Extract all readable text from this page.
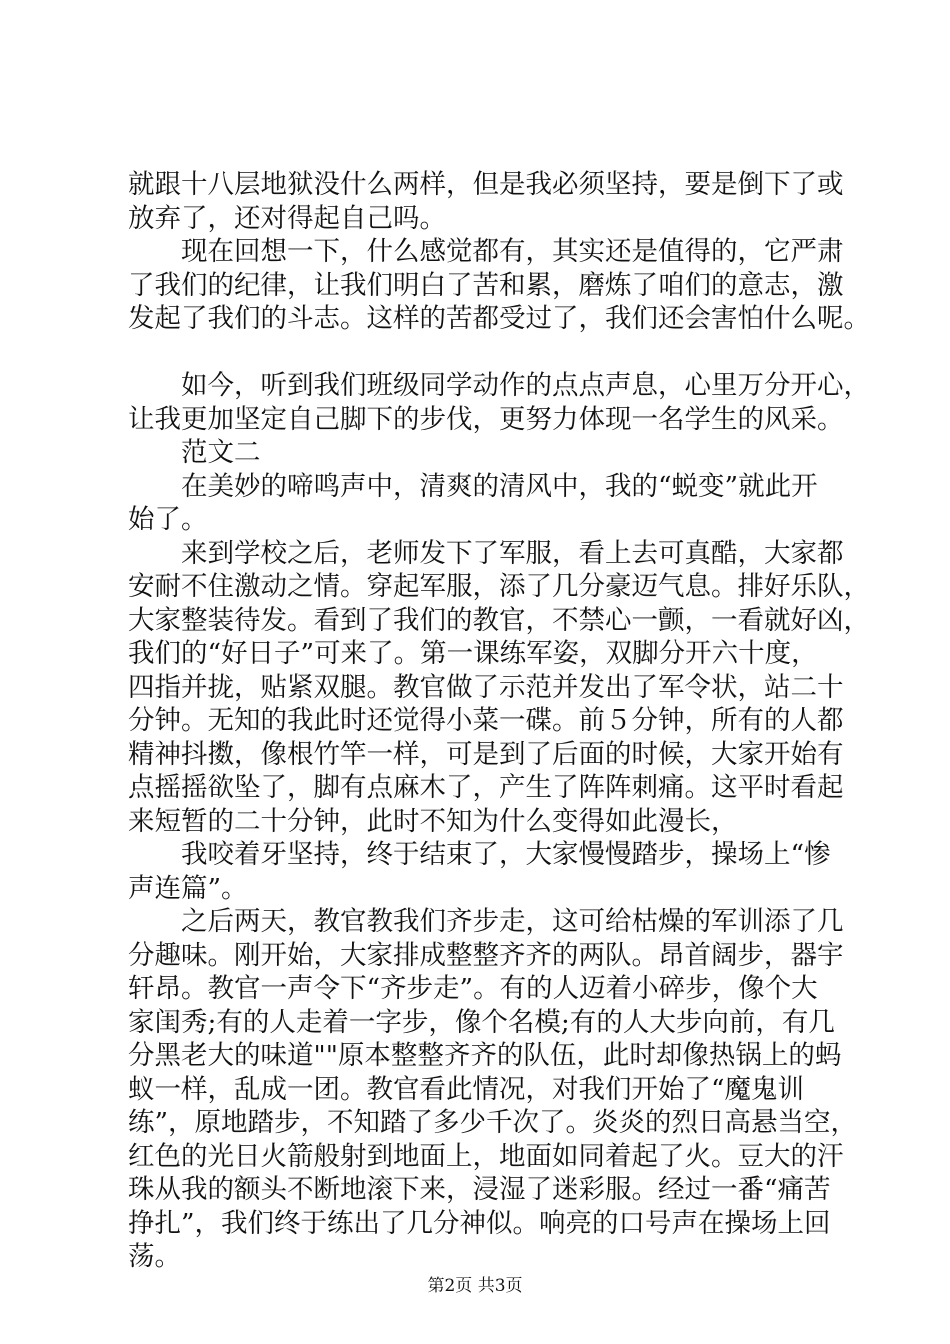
就跟十八层地狱没什么两样，但是我必须坚持，要是倒下了或
放弃了，还对得起自己吗。
现在回想一下，什么感觉都有，其实还是值得的，它严肃
了我们的纪律，让我们明白了苦和累，磨炼了咱们的意志，激
发起了我们的斗志。这样的苦都受过了，我们还会害怕什么呢。
如今，听到我们班级同学动作的点点声息，心里万分开心，
让我更加坚定自己脚下的步伐，更努力体现一名学生的风采。
范文二
在美妙的啼鸣声中，清爽的清风中，我的“蜕变”就此开
始了。
来到学校之后，老师发下了军服，看上去可真酷，大家都
安耐不住激动之情。穿起军服，添了几分豪迈气息。排好乐队，
大家整装待发。看到了我们的教官，不禁心一颤，一看就好凶，
我们的“好日子”可来了。第一课练军姿，双脚分开六十度，
四指并拢，贴紧双腿。教官做了示范并发出了军令状，站二十
分钟。无知的我此时还觉得小菜一碟。前５分钟，所有的人都
精神抖擞，像根竹竿一样，可是到了后面的时候，大家开始有
点摇摇欲坠了，脚有点麻木了，产生了阵阵刺痛。这平时看起
来短暂的二十分钟，此时不知为什么变得如此漫长，
我咬着牙坚持，终于结束了，大家慢慢踏步，操场上“惨
声连篇”。
之后两天，教官教我们齐步走，这可给枯燥的军训添了几
分趣味。刚开始，大家排成整整齐齐的两队。昂首阔步，器宇
轩昂。教官一声令下“齐步走”。有的人迈着小碎步，像个大
家闺秀;有的人走着一字步，像个名模;有的人大步向前，有几
分黑老大的味道""原本整整齐齐的队伍，此时却像热锅上的蚂
蚁一样，乱成一团。教官看此情况，对我们开始了“魔鬼训
练”，原地踏步，不知踏了多少千次了。炎炎的烈日高悬当空，
红色的光日火箭般射到地面上，地面如同着起了火。豆大的汗
珠从我的额头不断地滚下来，浸湿了迷彩服。经过一番“痛苦
挣扎”，我们终于练出了几分神似。响亮的口号声在操场上回
荡。
第2页 共3页
